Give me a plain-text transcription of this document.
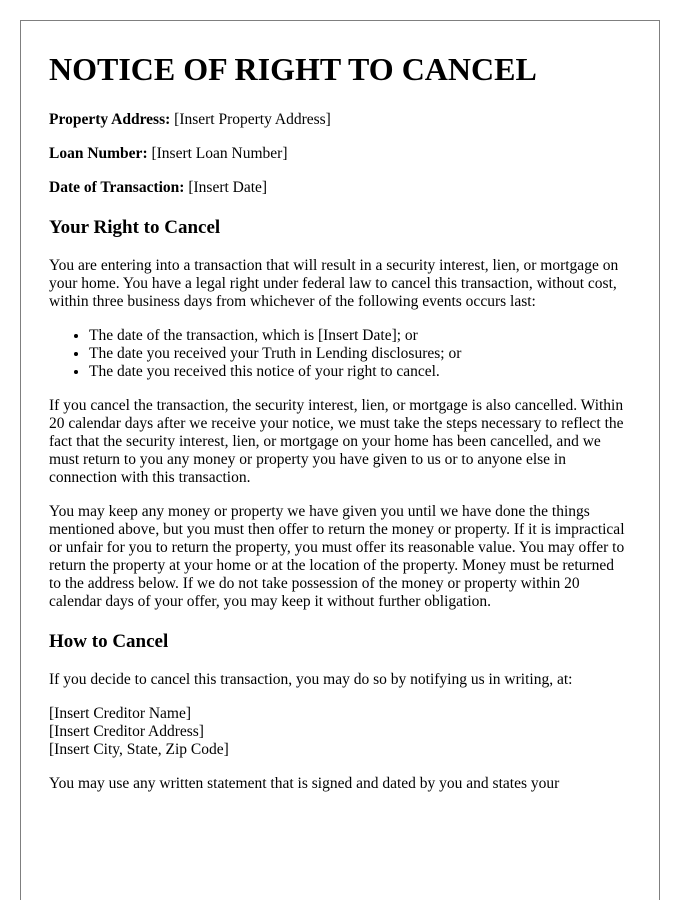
NOTICE OF RIGHT TO CANCEL
Property Address: [Insert Property Address]
Loan Number: [Insert Loan Number]
Date of Transaction: [Insert Date]
Your Right to Cancel

You are entering into a transaction that will result in a security interest, lien, or mortgage on your home. You have a legal right under federal law to cancel this transaction, without cost, within three business days from whichever of the following events occurs last:

• The date of the transaction, which is [Insert Date]; or
• The date you received your Truth in Lending disclosures; or
• The date you received this notice of your right to cancel.

If you cancel the transaction, the security interest, lien, or mortgage is also cancelled. Within 20 calendar days after we receive your notice, we must take the steps necessary to reflect the fact that the security interest, lien, or mortgage on your home has been cancelled, and we must return to you any money or property you have given to us or to anyone else in connection with this transaction.

You may keep any money or property we have given you until we have done the things mentioned above, but you must then offer to return the money or property. If it is impractical or unfair for you to return the property, you must offer its reasonable value. You may offer to return the property at your home or at the location of the property. Money must be returned to the address below. If we do not take possession of the money or property within 20 calendar days of your offer, you may keep it without further obligation.

How to Cancel

If you decide to cancel this transaction, you may do so by notifying us in writing, at:

[Insert Creditor Name]
[Insert Creditor Address]
[Insert City, State, Zip Code]

You may use any written statement that is signed and dated by you and states your
